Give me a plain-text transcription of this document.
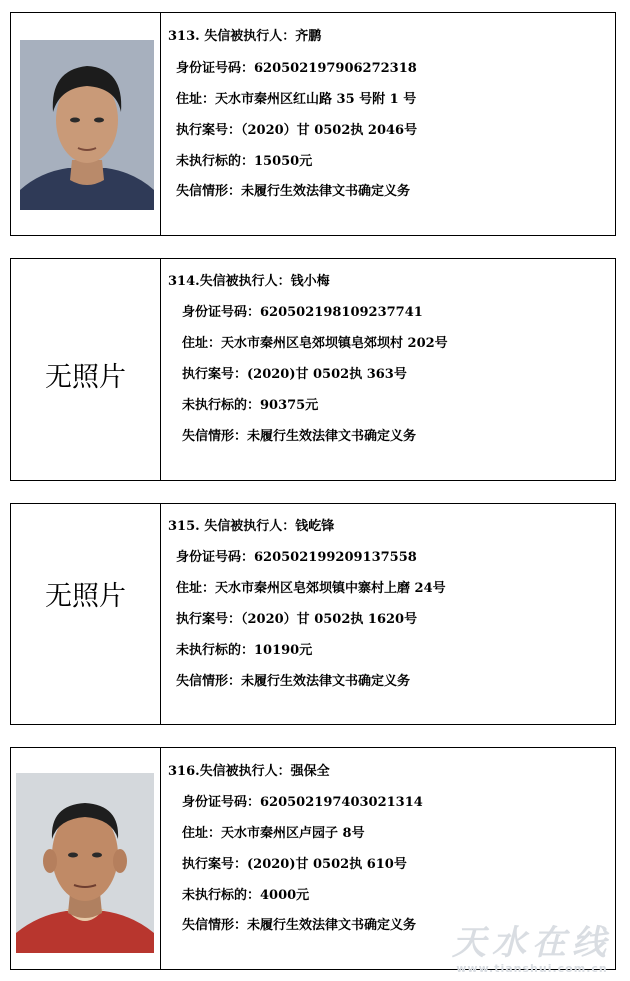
313. 失信被执行人：齐鹏
身份证号码：620502197906272318
住址：天水市秦州区红山路 35 号附 1 号
执行案号：（2020）甘 0502执 2046号
未执行标的：15050元
失信情形：未履行生效法律文书确定义务
无照片
314.失信被执行人：钱小梅
身份证号码：620502198109237741
住址：天水市秦州区皂郊坝镇皂郊坝村 202号
执行案号：(2020)甘 0502执 363号
未执行标的：90375元
失信情形：未履行生效法律文书确定义务
无照片
315. 失信被执行人：钱屹锋
身份证号码：620502199209137558
住址：天水市秦州区皂郊坝镇中寨村上磨 24号
执行案号：（2020）甘 0502执 1620号
未执行标的：10190元
失信情形：未履行生效法律文书确定义务
316.失信被执行人：强保全
身份证号码：620502197403021314
住址：天水市秦州区卢园子 8号
执行案号：(2020)甘 0502执 610号
未执行标的：4000元
失信情形：未履行生效法律文书确定义务 天水在线
www.tianshui.com.cn
